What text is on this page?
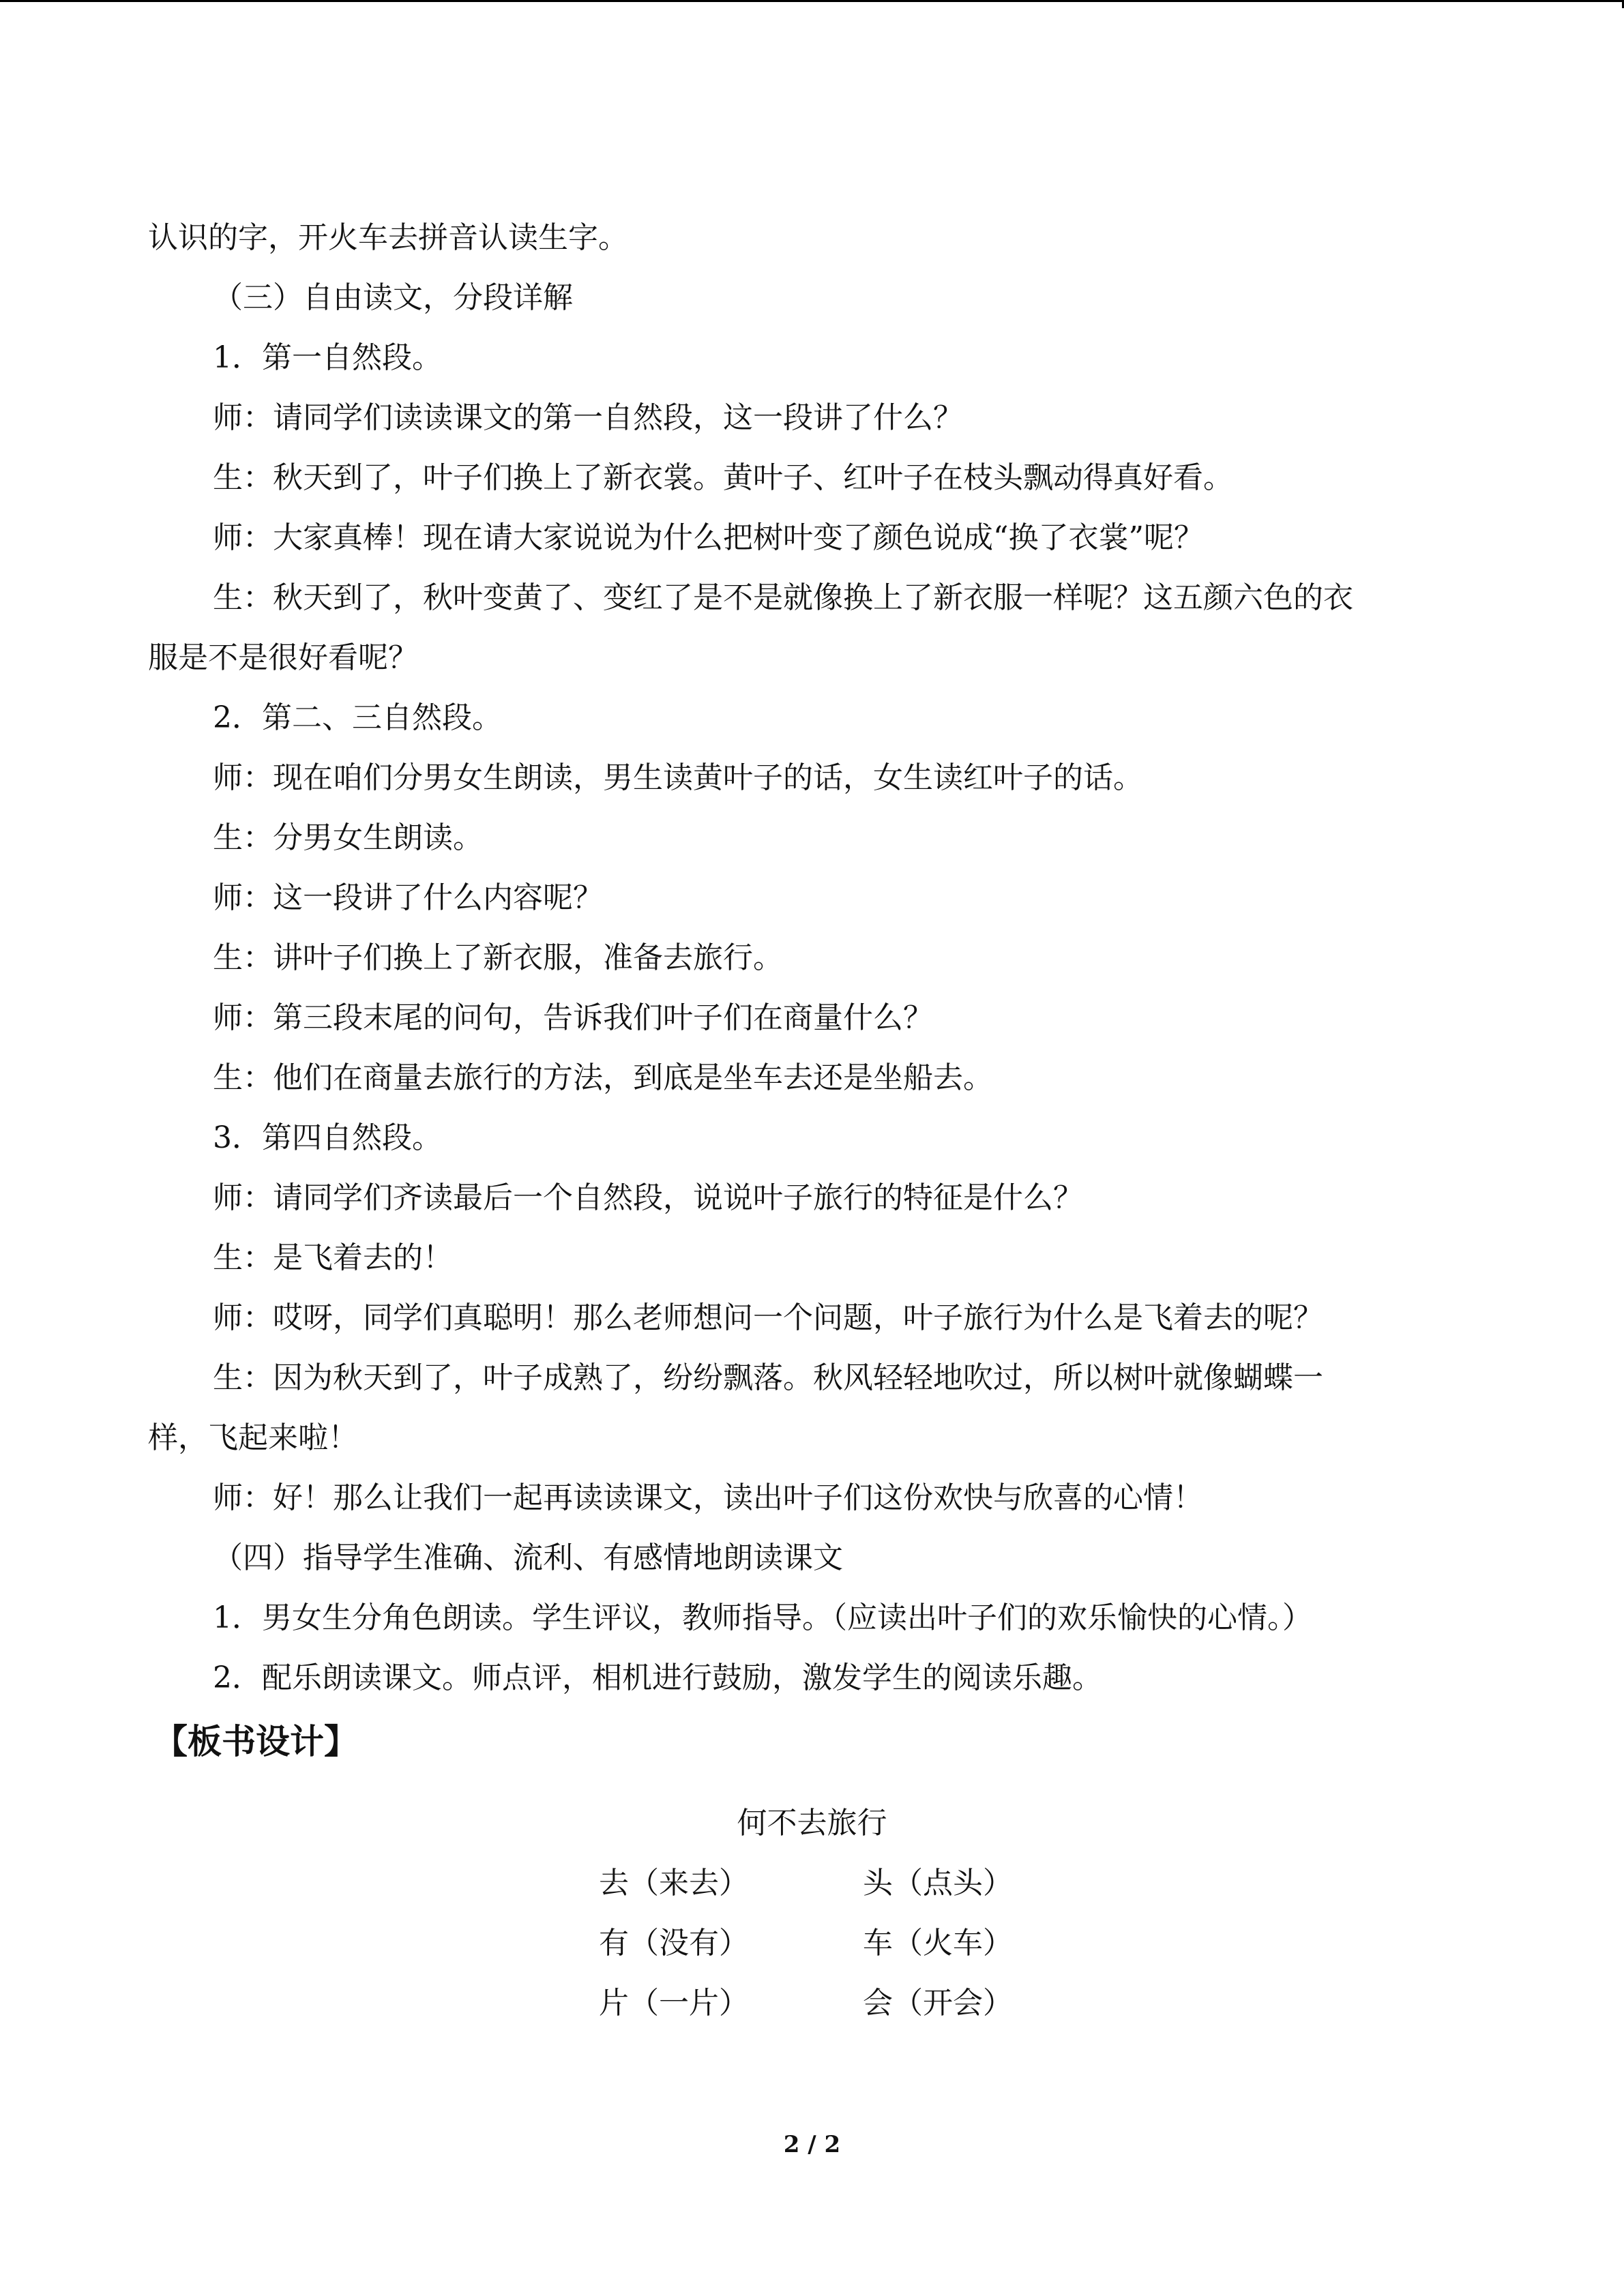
认识的字，开火车去拼音认读生字。

（三）自由读文，分段详解

1．第一自然段。

师：请同学们读读课文的第一自然段，这一段讲了什么？

生：秋天到了，叶子们换上了新衣裳。黄叶子、红叶子在枝头飘动得真好看。

师：大家真棒！现在请大家说说为什么把树叶变了颜色说成“换了衣裳”呢？

生：秋天到了，秋叶变黄了、变红了是不是就像换上了新衣服一样呢？这五颜六色的衣

服是不是很好看呢？

2．第二、三自然段。

师：现在咱们分男女生朗读，男生读黄叶子的话，女生读红叶子的话。

生：分男女生朗读。

师：这一段讲了什么内容呢？

生：讲叶子们换上了新衣服，准备去旅行。

师：第三段末尾的问句，告诉我们叶子们在商量什么？

生：他们在商量去旅行的方法，到底是坐车去还是坐船去。

3．第四自然段。

师：请同学们齐读最后一个自然段，说说叶子旅行的特征是什么？

生：是飞着去的！

师：哎呀，同学们真聪明！那么老师想问一个问题，叶子旅行为什么是飞着去的呢？

生：因为秋天到了，叶子成熟了，纷纷飘落。秋风轻轻地吹过，所以树叶就像蝴蝶一

样，飞起来啦！

师：好！那么让我们一起再读读课文，读出叶子们这份欢快与欣喜的心情！

（四）指导学生准确、流利、有感情地朗读课文

1．男女生分角色朗读。学生评议，教师指导。（应读出叶子们的欢乐愉快的心情。）

2．配乐朗读课文。师点评，相机进行鼓励，激发学生的阅读乐趣。

【板书设计】
何不去旅行
去（来去）	头（点头）
有（没有）	车（火车）
片（一片）	会（开会）
2 / 2
